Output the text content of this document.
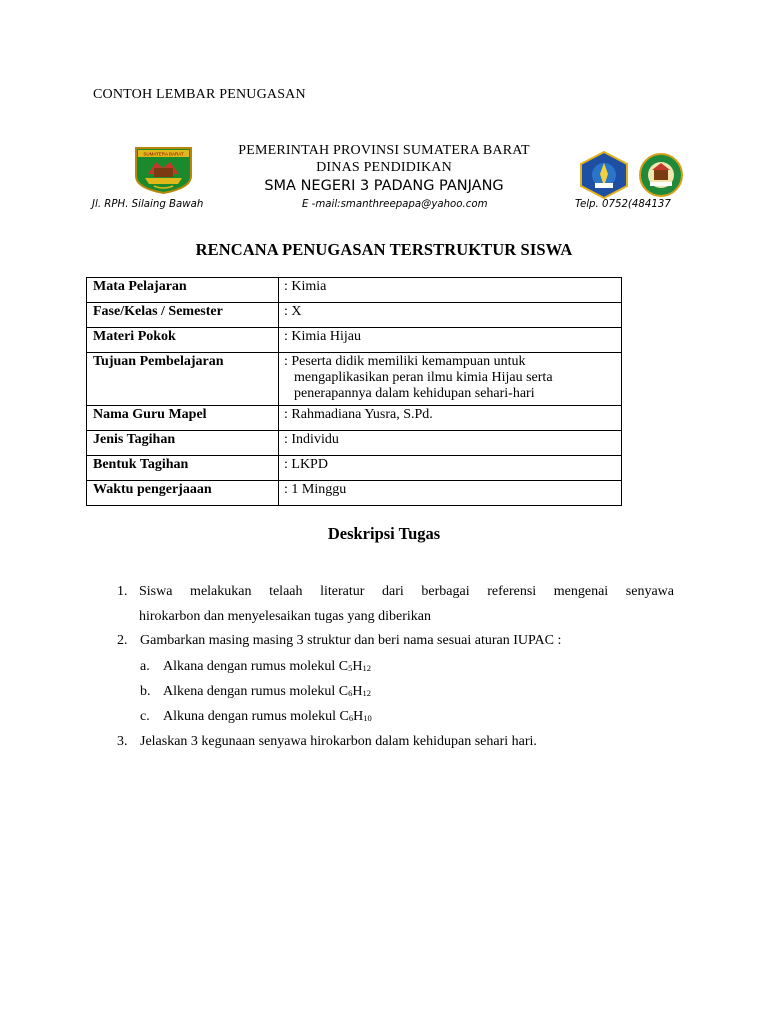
CONTOH LEMBAR PENUGASAN
SUMATERA BARAT	PEMERINTAH PROVINSI SUMATERA BARAT
DINAS PENDIDIKAN
SMA NEGERI 3 PADANG PANJANG
Jl. RPH. Silaing Bawah	E -mail:smanthreepapa@yahoo.com	Telp. 0752(484137
RENCANA PENUGASAN TERSTRUKTUR SISWA
Mata Pelajaran	: Kimia
Fase/Kelas / Semester	: X
Materi Pokok	: Kimia Hijau
Tujuan Pembelajaran	: Peserta didik memiliki kemampuan untuk
mengaplikasikan peran ilmu kimia Hijau serta
penerapannya dalam kehidupan sehari-hari

Nama Guru Mapel	: Rahmadiana Yusra, S.Pd.
Jenis Tagihan	: Individu
Bentuk Tagihan	: LKPD
Waktu pengerjaaan	: 1 Minggu
Deskripsi Tugas
1. Siswa melakukan telaah literatur dari berbagai referensi mengenai senyawa
hirokarbon dan menyelesaikan tugas yang diberikan
2. Gambarkan masing masing 3 struktur dan beri nama sesuai aturan IUPAC :
a. Alkana dengan rumus molekul $C_5H_{12}$
b. Alkena dengan rumus molekul $C_6H_{12}$
c. Alkuna dengan rumus molekul $C_6H_{10}$
3. Jelaskan 3 kegunaan senyawa hirokarbon dalam kehidupan sehari hari.
